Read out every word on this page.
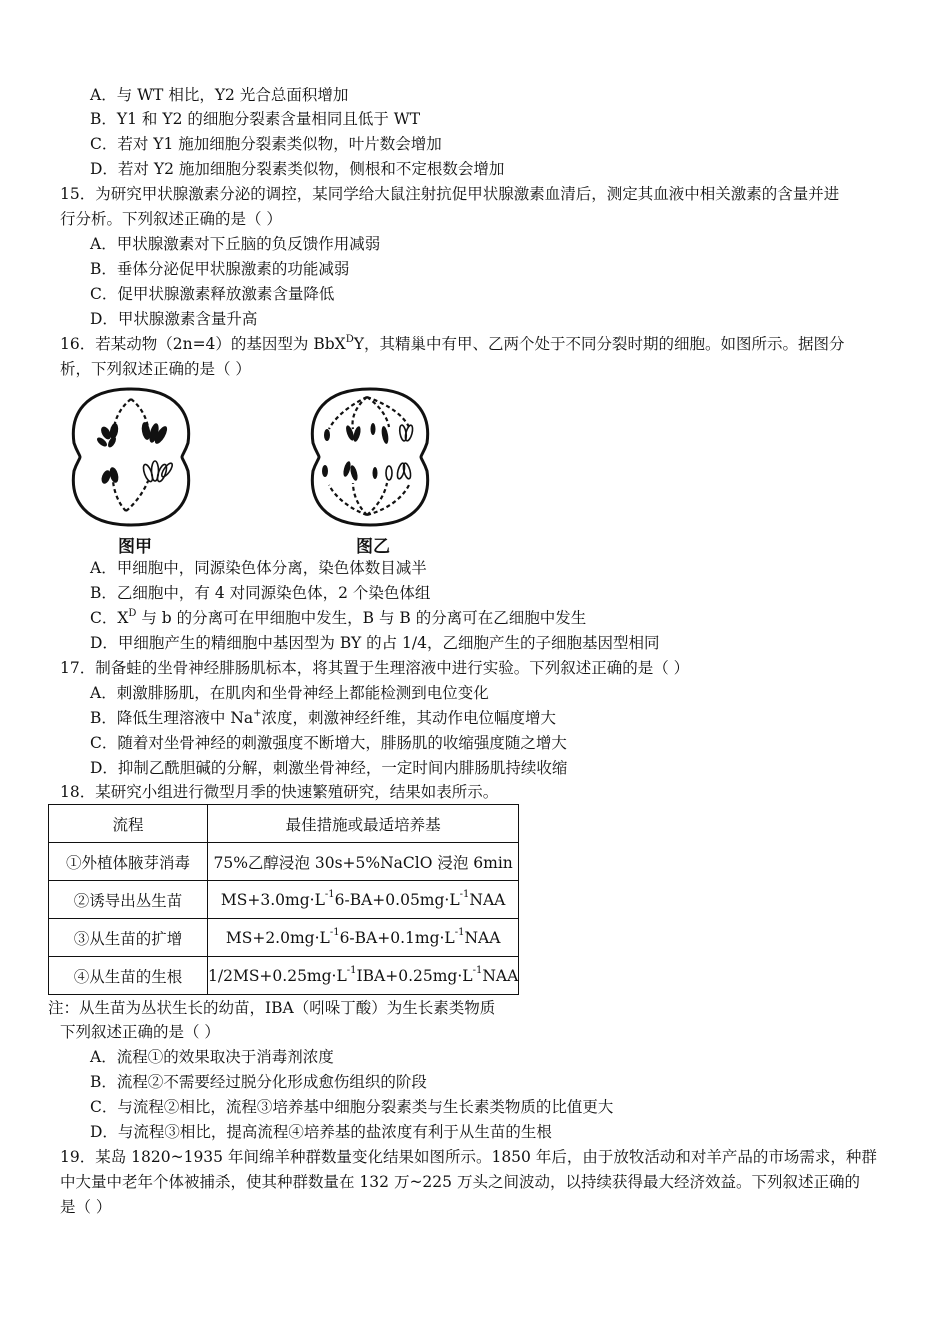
A．与 WT 相比，Y2 光合总面积增加
B．Y1 和 Y2 的细胞分裂素含量相同且低于 WT
C．若对 Y1 施加细胞分裂素类似物，叶片数会增加
D．若对 Y2 施加细胞分裂素类似物，侧根和不定根数会增加
15．为研究甲状腺激素分泌的调控，某同学给大鼠注射抗促甲状腺激素血清后，测定其血液中相关激素的含量并进
行分析。下列叙述正确的是（ ）
A．甲状腺激素对下丘脑的负反馈作用减弱
B．垂体分泌促甲状腺激素的功能减弱
C．促甲状腺激素释放激素含量降低
D．甲状腺激素含量升高
16．若某动物（2n=4）的基因型为 BbX$^D$Y，其精巢中有甲、乙两个处于不同分裂时期的细胞。如图所示。据图分
析，下列叙述正确的是（ ）
图甲	图乙
A．甲细胞中，同源染色体分离，染色体数目减半
B．乙细胞中，有 4 对同源染色体，2 个染色体组
C．$X^D$ 与 b 的分离可在甲细胞中发生，B 与 B 的分离可在乙细胞中发生
D．甲细胞产生的精细胞中基因型为 BY 的占 1/4，乙细胞产生的子细胞基因型相同
17．制备蛙的坐骨神经腓肠肌标本，将其置于生理溶液中进行实验。下列叙述正确的是（ ）
A．刺激腓肠肌，在肌肉和坐骨神经上都能检测到电位变化
B．降低生理溶液中 Na+浓度，刺激神经纤维，其动作电位幅度增大
C．随着对坐骨神经的刺激强度不断增大，腓肠肌的收缩强度随之增大
D．抑制乙酰胆碱的分解，刺激坐骨神经，一定时间内腓肠肌持续收缩
18．某研究小组进行微型月季的快速繁殖研究，结果如表所示。
流程	最佳措施或最适培养基
①外植体腋芽消毒	75%乙醇浸泡 30s+5%NaClO 浸泡 6min
②诱导出丛生苗	$MS+3.0mg\cdot L^{-1}6-BA+0.05mg\cdot L^{-1}NAA$
③从生苗的扩增	$MS+2.0mg\cdot L^{-1}6-BA+0.1mg\cdot L^{-1}NAA$
④从生苗的生根	$1/2MS+0.25mg\cdot L^{-1}IBA+0.25mg\cdot L^{-1}NAA$
注：从生苗为丛状生长的幼苗，IBA（吲哚丁酸）为生长素类物质
下列叙述正确的是（ ）
A．流程①的效果取决于消毒剂浓度
B．流程②不需要经过脱分化形成愈伤组织的阶段
C．与流程②相比，流程③培养基中细胞分裂素类与生长素类物质的比值更大
D．与流程③相比，提高流程④培养基的盐浓度有利于从生苗的生根
19．某岛 1820~1935 年间绵羊种群数量变化结果如图所示。1850 年后，由于放牧活动和对羊产品的市场需求，种群
中大量中老年个体被捕杀，使其种群数量在 132 万~225 万头之间波动，以持续获得最大经济效益。下列叙述正确的
是（ ）
